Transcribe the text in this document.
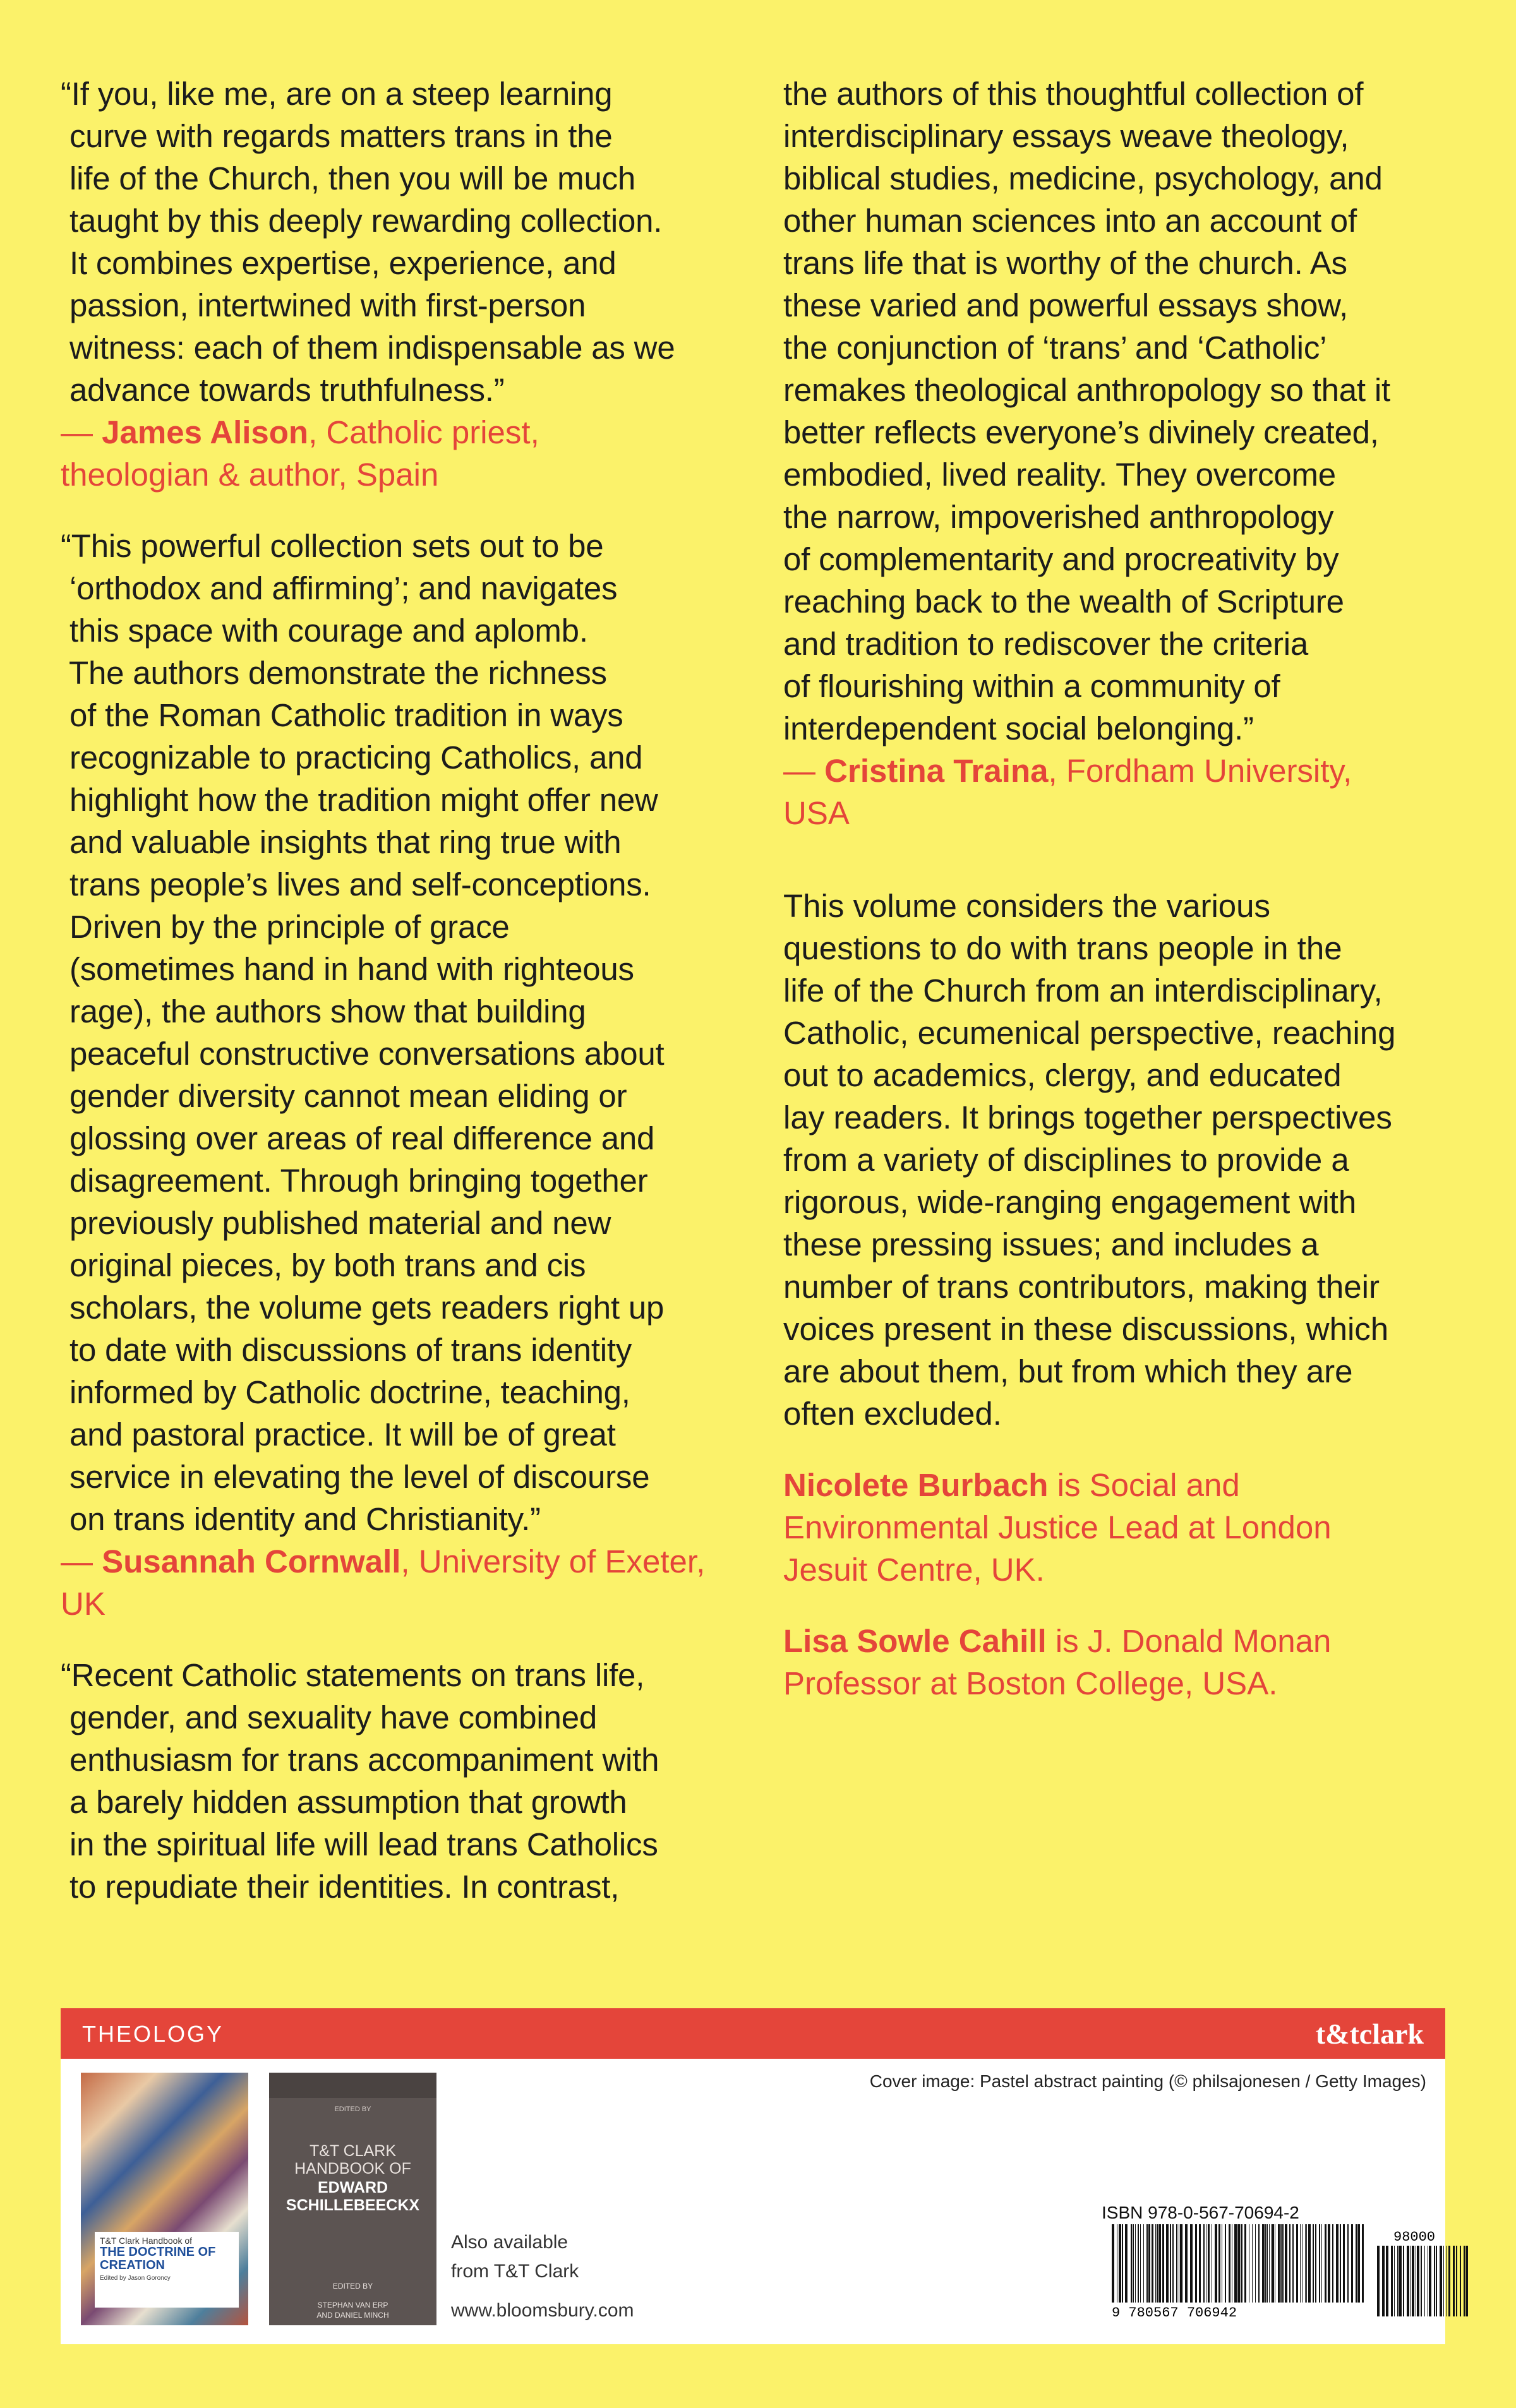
“If you, like me, are on a steep learning
curve with regards matters trans in the
life of the Church, then you will be much
taught by this deeply rewarding collection.
It combines expertise, experience, and
passion, intertwined with first-person
witness: each of them indispensable as we
advance towards truthfulness.”

— James Alison, Catholic priest,
theologian & author, Spain

“This powerful collection sets out to be
‘orthodox and affirming’; and navigates
this space with courage and aplomb.
The authors demonstrate the richness
of the Roman Catholic tradition in ways
recognizable to practicing Catholics, and
highlight how the tradition might offer new
and valuable insights that ring true with
trans people’s lives and self-conceptions.
Driven by the principle of grace
(sometimes hand in hand with righteous
rage), the authors show that building
peaceful constructive conversations about
gender diversity cannot mean eliding or
glossing over areas of real difference and
disagreement. Through bringing together
previously published material and new
original pieces, by both trans and cis
scholars, the volume gets readers right up
to date with discussions of trans identity
informed by Catholic doctrine, teaching,
and pastoral practice. It will be of great
service in elevating the level of discourse
on trans identity and Christianity.”

— Susannah Cornwall, University of Exeter,
UK

“Recent Catholic statements on trans life,
gender, and sexuality have combined
enthusiasm for trans accompaniment with
a barely hidden assumption that growth
in the spiritual life will lead trans Catholics
to repudiate their identities. In contrast,

the authors of this thoughtful collection of
interdisciplinary essays weave theology,
biblical studies, medicine, psychology, and
other human sciences into an account of
trans life that is worthy of the church. As
these varied and powerful essays show,
the conjunction of ‘trans’ and ‘Catholic’
remakes theological anthropology so that it
better reflects everyone’s divinely created,
embodied, lived reality. They overcome
the narrow, impoverished anthropology
of complementarity and procreativity by
reaching back to the wealth of Scripture
and tradition to rediscover the criteria
of flourishing within a community of
interdependent social belonging.”

— Cristina Traina, Fordham University,
USA

This volume considers the various
questions to do with trans people in the
life of the Church from an interdisciplinary,
Catholic, ecumenical perspective, reaching
out to academics, clergy, and educated
lay readers. It brings together perspectives
from a variety of disciplines to provide a
rigorous, wide-ranging engagement with
these pressing issues; and includes a
number of trans contributors, making their
voices present in these discussions, which
are about them, but from which they are
often excluded.

Nicolete Burbach is Social and
Environmental Justice Lead at London
Jesuit Centre, UK.

Lisa Sowle Cahill is J. Donald Monan
Professor at Boston College, USA.

THEOLOGY	t&tclark
Cover image: Pastel abstract painting (© philsajonesen / Getty Images)
T&T Clark Handbook of
THE DOCTRINE OF
CREATION
Edited by Jason Goroncy
EDITED BY
T&T CLARK
HANDBOOK OF
EDWARD
SCHILLEBEECKX
EDITED BY
STEPHAN VAN ERP
AND DANIEL MINCH
Also available
from T&T Clark
www.bloomsbury.com
ISBN 978-0-567-70694-2
9 780567 706942
98000
